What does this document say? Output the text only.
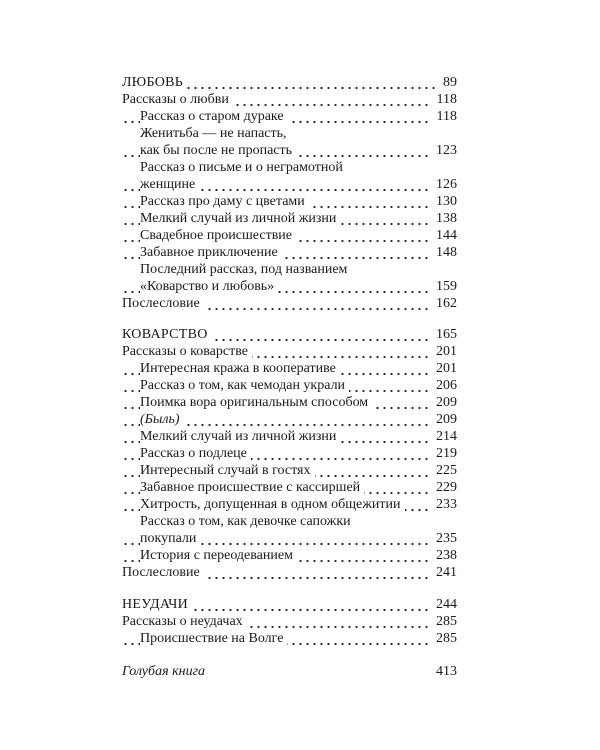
ЛЮБОВЬ	89
Рассказы о любви	118
Рассказ о старом дураке	118
Женитьба — не напасть,
как бы после не пропасть	123
Рассказ о письме и о неграмотной
женщине	126
Рассказ про даму с цветами	130
Мелкий случай из личной жизни	138
Свадебное происшествие	144
Забавное приключение	148
Последний рассказ, под названием
«Коварство и любовь»	159
Послесловие	162
КОВАРСТВО	165
Рассказы о коварстве	201
Интересная кража в кооперативе	201
Рассказ о том, как чемодан украли	206
Поимка вора оригинальным способом	209
(Быль)	209
Мелкий случай из личной жизни	214
Рассказ о подлеце	219
Интересный случай в гостях	225
Забавное происшествие с кассиршей	229
Хитрость, допущенная в одном общежитии	233
Рассказ о том, как девочке сапожки
покупали	235
История с переодеванием	238
Послесловие	241
НЕУДАЧИ	244
Рассказы о неудачах	285
Происшествие на Волге	285
Голубая книга	413
